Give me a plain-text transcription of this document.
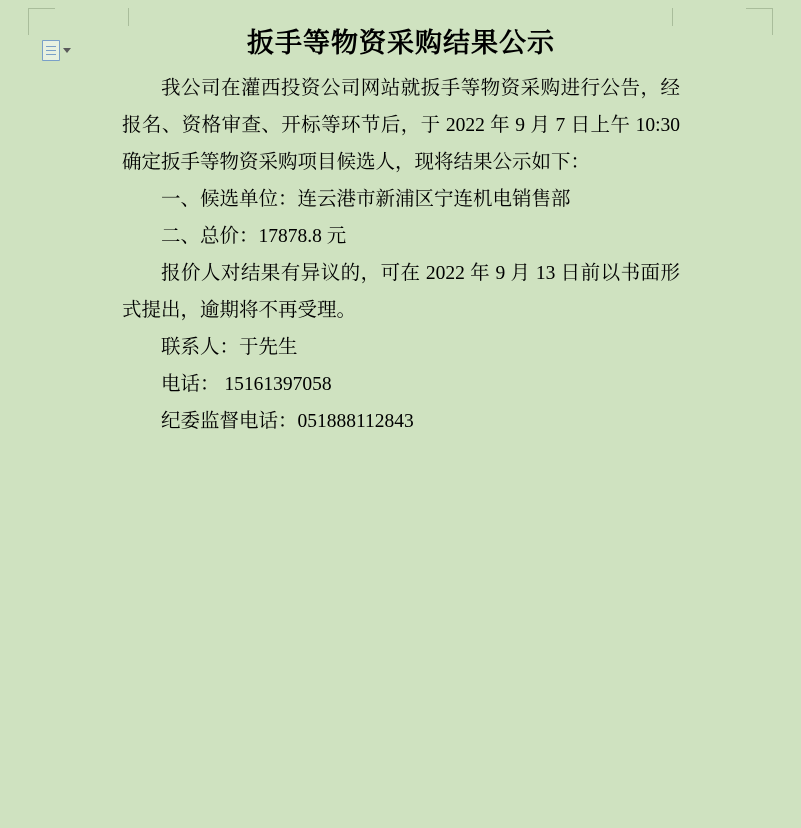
扳手等物资采购结果公示

我公司在灌西投资公司网站就扳手等物资采购进行公告，经报名、资格审查、开标等环节后，于 2022 年 9 月 7 日上午 10:30 确定扳手等物资采购项目候选人，现将结果公示如下：

一、候选单位：连云港市新浦区宁连机电销售部

二、总价：17878.8 元

报价人对结果有异议的，可在 2022 年 9 月 13 日前以书面形式提出，逾期将不再受理。

联系人：于先生

电话： 15161397058

纪委监督电话：051888112843
